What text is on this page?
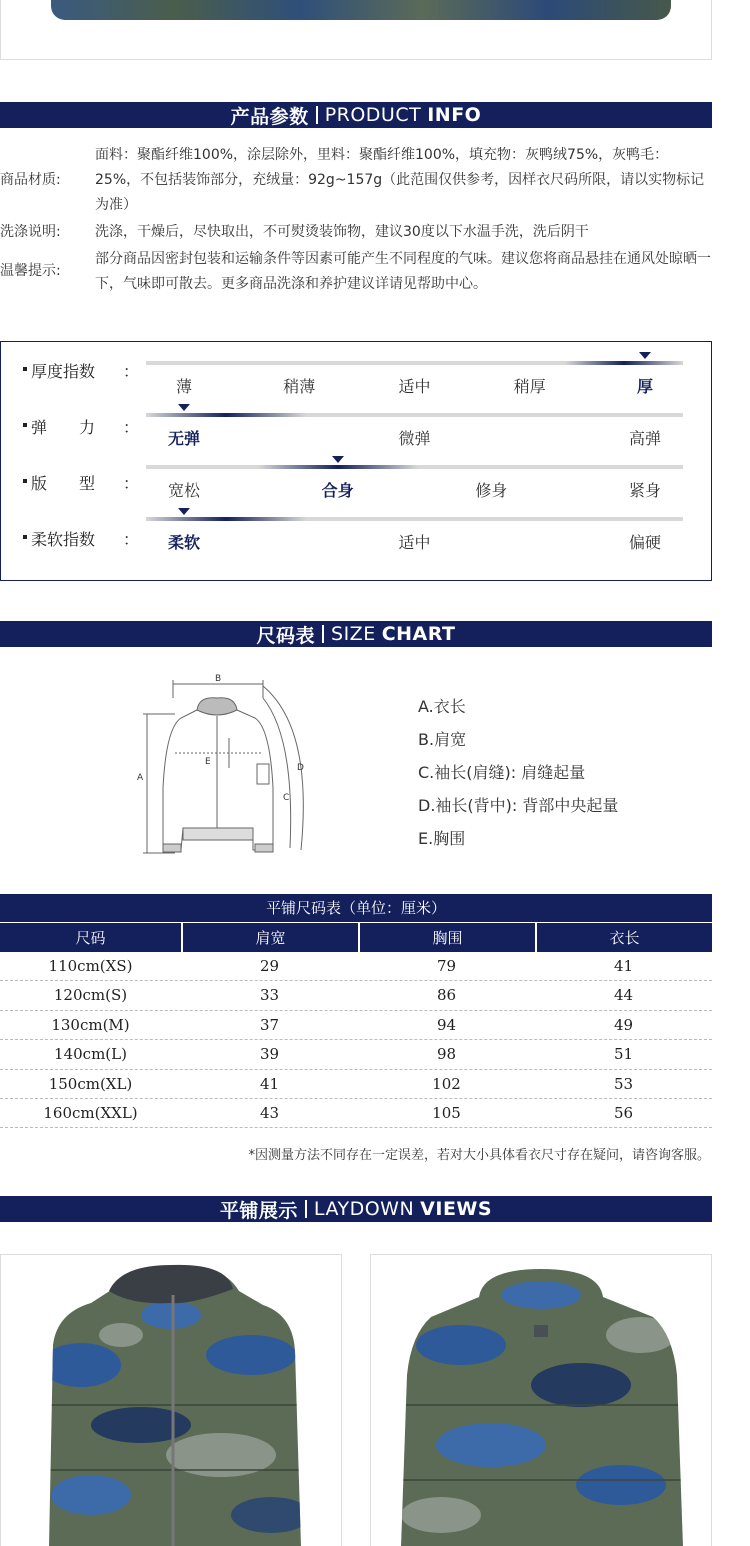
产品参数 PRODUCT INFO
商品材质:
面料：聚酯纤维100%，涂层除外，里料：聚酯纤维100%，填充物：灰鸭绒75%，灰鸭毛：25%，不包括装饰部分，充绒量：92g~157g（此范围仅供参考，因样衣尺码所限，请以实物标记为准）
洗涤说明:	洗涤，干燥后，尽快取出，不可熨烫装饰物，建议30度以下水温手洗，洗后阴干
温馨提示:
部分商品因密封包装和运输条件等因素可能产生不同程度的气味。建议您将商品悬挂在通风处晾晒一下，气味即可散去。更多商品洗涤和养护建议详请见帮助中心。
厚度指数 ：
薄	稍薄	适中	稍厚	厚
弹　　力 ：
无弹	微弹	高弹
版　　型 ： 宽松	合身	修身	紧身
柔软指数 ： 柔软	适中	偏硬
尺码表 SIZE CHART
B
A
E
D
C
A.衣长
B.肩宽
C.袖长(肩缝): 肩缝起量
D.袖长(背中): 背部中央起量
E.胸围
平铺尺码表（单位：厘米）
尺码	肩宽	胸围	衣长
110cm(XS)	29	79	41
120cm(S)	33	86	44
130cm(M)	37	94	49
140cm(L)	39	98	51
150cm(XL)	41	102	53
160cm(XXL)	43	105	56
*因测量方法不同存在一定误差，若对大小具体看衣尺寸存在疑问，请咨询客服。
平铺展示 LAYDOWN VIEWS
